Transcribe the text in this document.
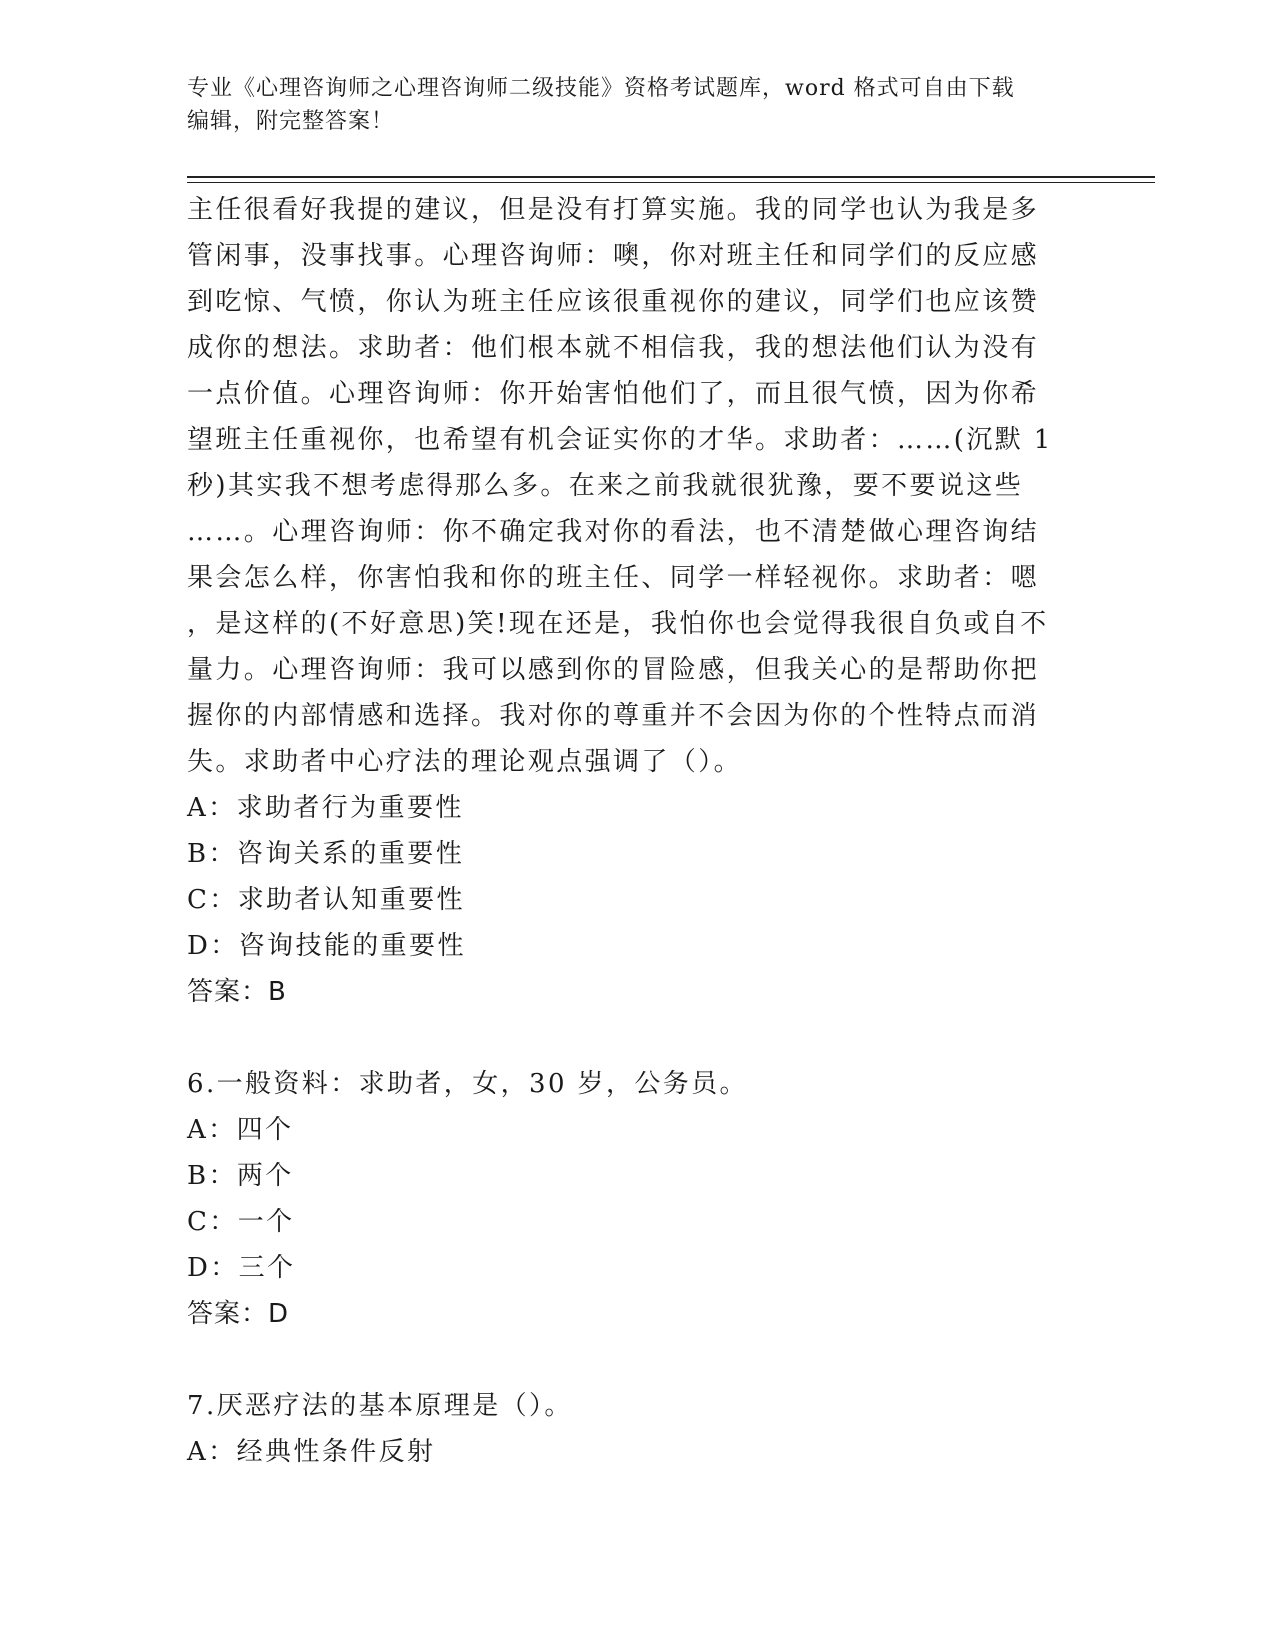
专业《心理咨询师之心理咨询师二级技能》资格考试题库，word 格式可自由下载
编辑，附完整答案！
主任很看好我提的建议，但是没有打算实施。我的同学也认为我是多
管闲事，没事找事。心理咨询师：噢，你对班主任和同学们的反应感
到吃惊、气愤，你认为班主任应该很重视你的建议，同学们也应该赞
成你的想法。求助者：他们根本就不相信我，我的想法他们认为没有
一点价值。心理咨询师：你开始害怕他们了，而且很气愤，因为你希
望班主任重视你，也希望有机会证实你的才华。求助者：……(沉默 1
秒)其实我不想考虑得那么多。在来之前我就很犹豫，要不要说这些
……。心理咨询师：你不确定我对你的看法，也不清楚做心理咨询结
果会怎么样，你害怕我和你的班主任、同学一样轻视你。求助者：嗯
，是这样的(不好意思)笑!现在还是，我怕你也会觉得我很自负或自不
量力。心理咨询师：我可以感到你的冒险感，但我关心的是帮助你把
握你的内部情感和选择。我对你的尊重并不会因为你的个性特点而消
失。求助者中心疗法的理论观点强调了（）。
A：求助者行为重要性
B：咨询关系的重要性
C：求助者认知重要性
D：咨询技能的重要性
答案：B
6.一般资料：求助者，女，30 岁，公务员。
A：四个
B：两个
C：一个
D：三个
答案：D
7.厌恶疗法的基本原理是（）。
A：经典性条件反射
